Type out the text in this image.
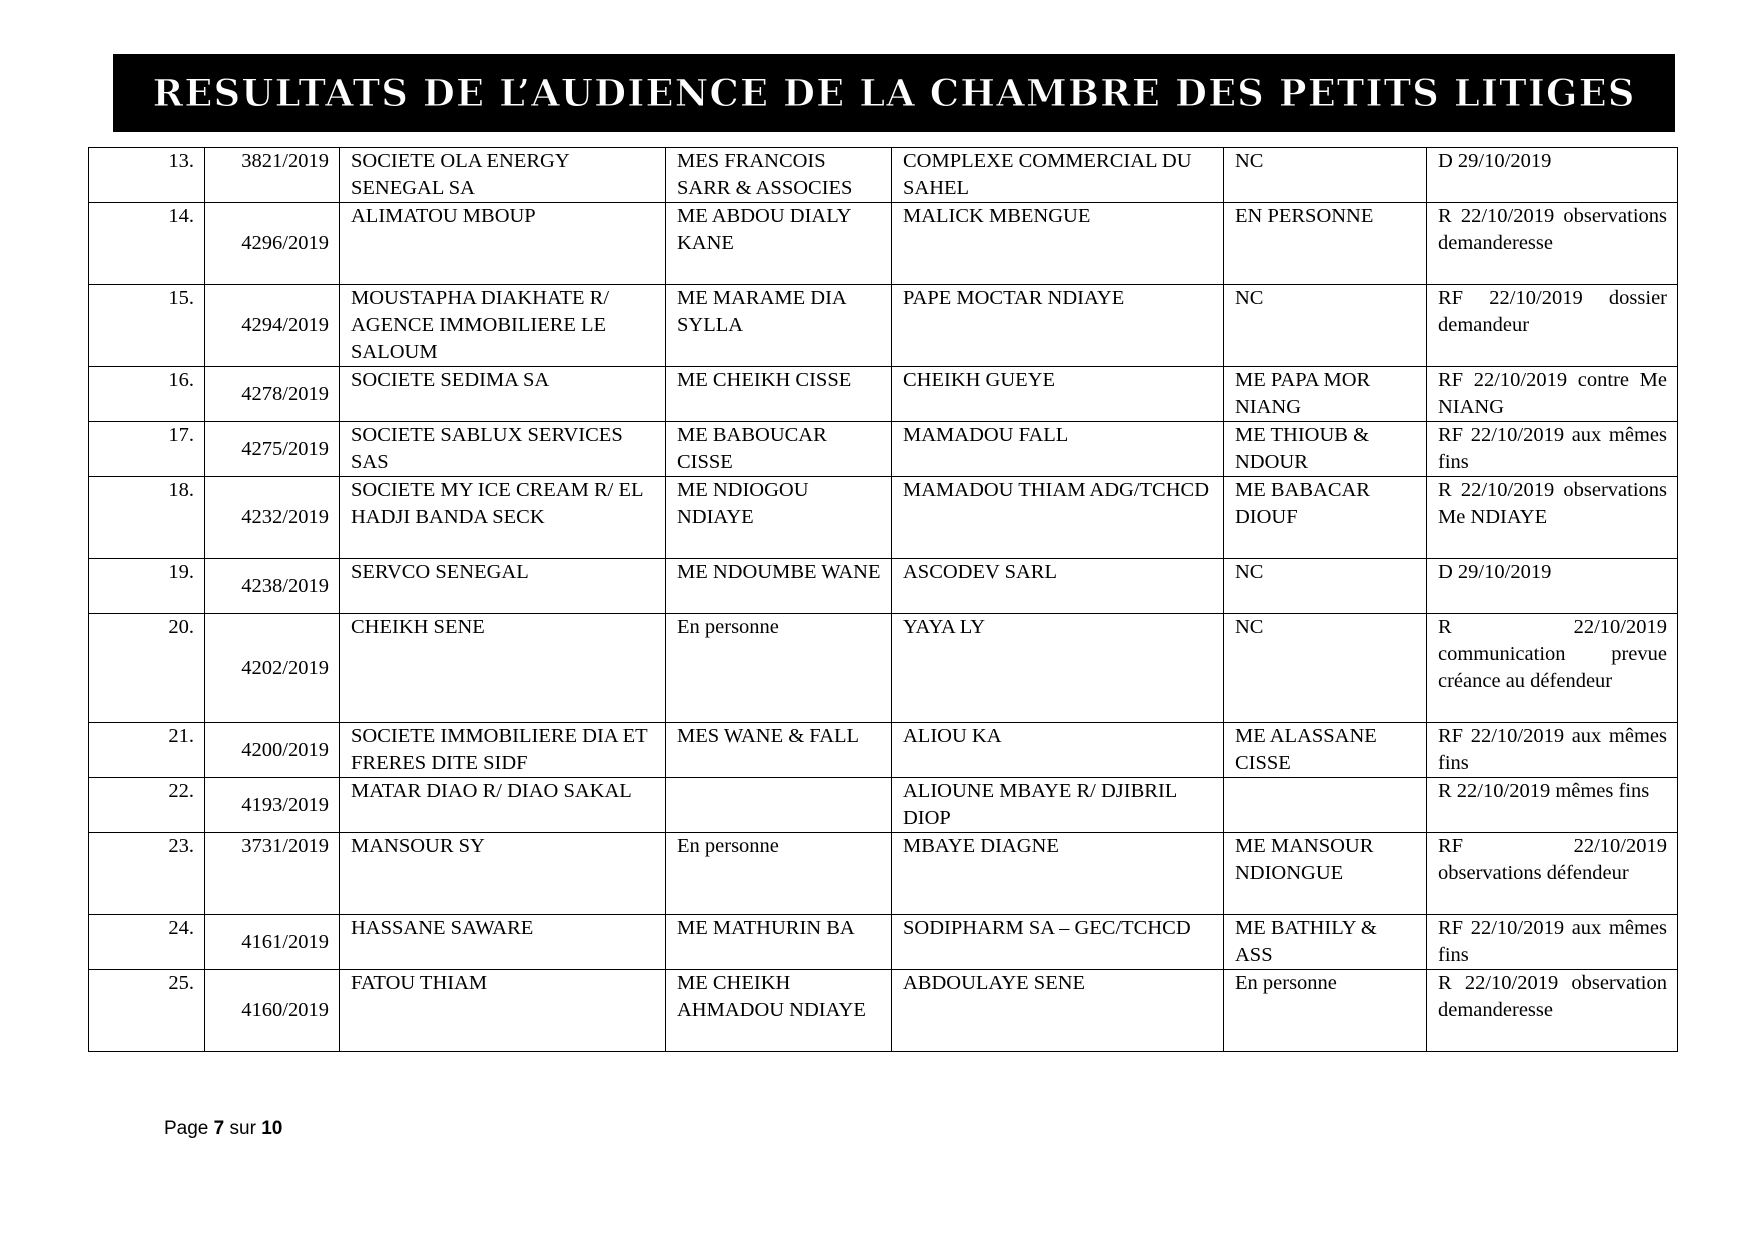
RESULTATS DE L’AUDIENCE DE LA CHAMBRE DES PETITS LITIGES
13.	3821/2019	SOCIETE OLA ENERGY SENEGAL SA	MES FRANCOIS SARR & ASSOCIES	COMPLEXE COMMERCIAL DU SAHEL	NC	D 29/10/2019
14.	4296/2019	ALIMATOU MBOUP	ME ABDOU DIALY KANE	MALICK MBENGUE	EN PERSONNE	R 22/10/2019 observations demanderesse
15.	4294/2019	MOUSTAPHA DIAKHATE R/ AGENCE IMMOBILIERE LE SALOUM	ME MARAME DIA SYLLA	PAPE MOCTAR NDIAYE	NC	RF 22/10/2019 dossier demandeur
16.	4278/2019	SOCIETE SEDIMA SA	ME CHEIKH CISSE	CHEIKH GUEYE	ME PAPA MOR NIANG	RF 22/10/2019 contre Me NIANG
17.	4275/2019	SOCIETE SABLUX SERVICES SAS	ME BABOUCAR CISSE	MAMADOU FALL	ME THIOUB & NDOUR	RF 22/10/2019 aux mêmes fins
18.	4232/2019	SOCIETE MY ICE CREAM R/ EL HADJI BANDA SECK	ME NDIOGOU NDIAYE	MAMADOU THIAM ADG/TCHCD	ME BABACAR DIOUF	R 22/10/2019 observations Me NDIAYE
19.	4238/2019	SERVCO SENEGAL	ME NDOUMBE WANE	ASCODEV SARL	NC	D 29/10/2019
20.	4202/2019	CHEIKH SENE	En personne	YAYA LY	NC	R 22/10/2019 communication prevue créance au défendeur
21.	4200/2019	SOCIETE IMMOBILIERE DIA ET FRERES DITE SIDF	MES WANE & FALL	ALIOU KA	ME ALASSANE CISSE	RF 22/10/2019 aux mêmes fins
22.	4193/2019	MATAR DIAO R/ DIAO SAKAL		ALIOUNE MBAYE R/ DJIBRIL DIOP		R 22/10/2019 mêmes fins
23.	3731/2019	MANSOUR SY	En personne	MBAYE DIAGNE	ME MANSOUR NDIONGUE	RF 22/10/2019 observations défendeur
24.	4161/2019	HASSANE SAWARE	ME MATHURIN BA	SODIPHARM SA – GEC/TCHCD	ME BATHILY & ASS	RF 22/10/2019 aux mêmes fins
25.	4160/2019	FATOU THIAM	ME CHEIKH AHMADOU NDIAYE	ABDOULAYE SENE	En personne	R 22/10/2019 observation demanderesse
Page 7 sur 10
